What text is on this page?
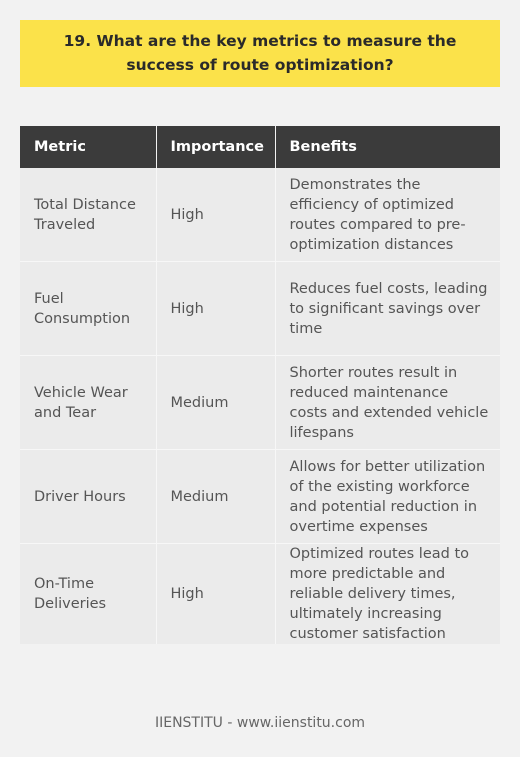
19. What are the key metrics to measure the success of route optimization?
Metric	Importance	Benefits
Total Distance Traveled	High	Demonstrates the efficiency of optimized routes compared to pre-optimization distances
Fuel Consumption	High	Reduces fuel costs, leading to significant savings over time
Vehicle Wear and Tear	Medium	Shorter routes result in reduced maintenance costs and extended vehicle lifespans
Driver Hours	Medium	Allows for better utilization of the existing workforce and potential reduction in overtime expenses
On-Time Deliveries	High	Optimized routes lead to more predictable and reliable delivery times, ultimately increasing customer satisfaction
IIENSTITU - www.iienstitu.com
